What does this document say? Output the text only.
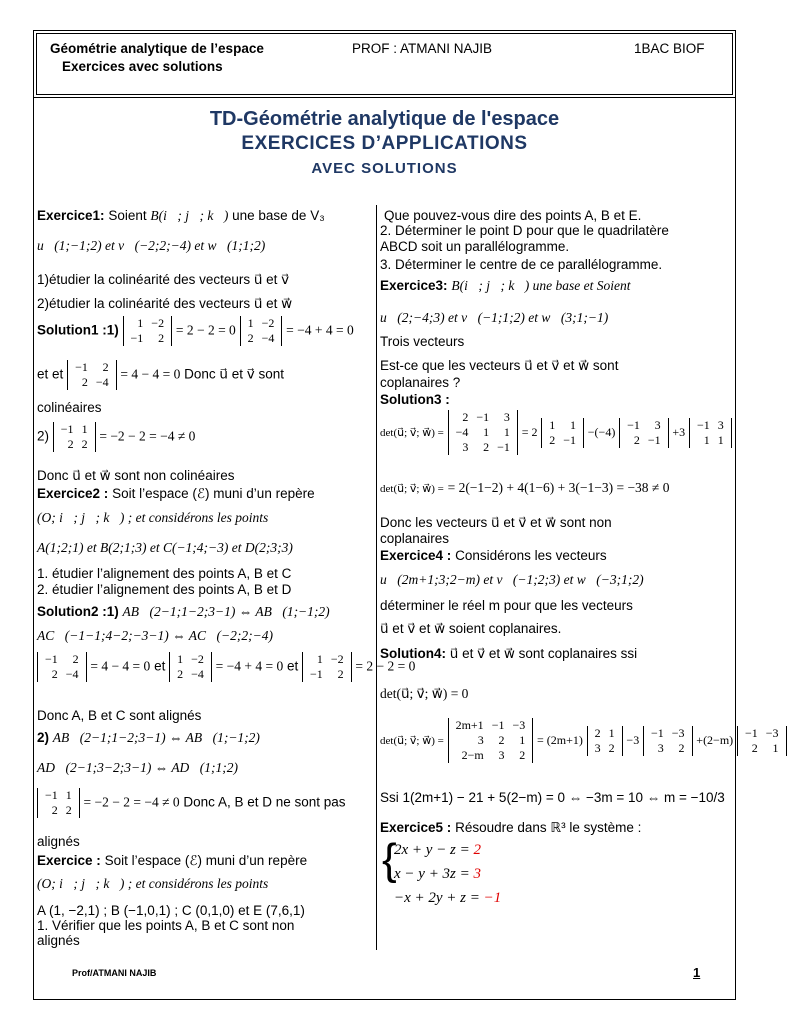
Géométrie analytique de l’espace
Exercices avec solutions
PROF : ATMANI NAJIB	1BAC BIOF
TD-Géométrie analytique de l'espace
EXERCICES D’APPLICATIONS
AVEC SOLUTIONS
Exercice1: Soient B(i⃗; j⃗; k⃗) une base de V₃
u⃗(1;−1;2) et v⃗(−2;2;−4) et w⃗(1;1;2)
1)étudier la colinéarité des vecteurs u⃗ et v⃗
2)étudier la colinéarité des vecteurs u⃗ et w⃗
Solution1 :1) 1	−2
−1	2
= 2 − 2 = 0 1	−2
2	−4
= −4 + 4 = 0
et et −1	2
2	−4
= 4 − 4 = 0 Donc u⃗ et v⃗ sont
colinéaires
2) −1	1
2	2
= −2 − 2 = −4 ≠ 0
Donc u⃗ et w⃗ sont non colinéaires
Exercice2 : Soit l’espace (ℰ) muni d’un repère
(O; i⃗; j⃗; k⃗) ; et considérons les points
A(1;2;1) et B(2;1;3) et C(−1;4;−3) et D(2;3;3)
1. étudier l’alignement des points A, B et C
2. étudier l’alignement des points A, B et D
Solution2 :1) AB⃗(2−1;1−2;3−1) ⇔ AB⃗(1;−1;2)
AC⃗(−1−1;4−2;−3−1) ⇔ AC⃗(−2;2;−4)
−1	2
2	−4
= 4 − 4 = 0 et 1	−2
2	−4
= −4 + 4 = 0 et 1	−2
−1	2
= 2 − 2 = 0
Donc A, B et C sont alignés
2) AB⃗(2−1;1−2;3−1) ⇔ AB⃗(1;−1;2)
AD⃗(2−1;3−2;3−1) ⇔ AD⃗(1;1;2)
−1	1
2	2
= −2 − 2 = −4 ≠ 0 Donc A, B et D ne sont pas
alignés
Exercice : Soit l’espace (ℰ) muni d’un repère
(O; i⃗; j⃗; k⃗) ; et considérons les points
A (1, −2,1) ; B (−1,0,1) ; C (0,1,0) et E (7,6,1)
1. Vérifier que les points A, B et C sont non
alignés
Que pouvez-vous dire des points A, B et E.
2. Déterminer le point D pour que le quadrilatère
ABCD soit un parallélogramme.
3. Déterminer le centre de ce parallélogramme.
Exercice3: B(i⃗; j⃗; k⃗) une base et Soient
u⃗(2;−4;3) et v⃗(−1;1;2) et w⃗(3;1;−1)
Trois vecteurs
Est-ce que les vecteurs u⃗ et v⃗ et w⃗ sont
coplanaires ?
Solution3 :
det(u⃗; v⃗; w⃗) =
2	−1	3
−4	1	1
3	2	−1
= 2
1	1
2	−1
−(−4)
−1	3
2	−1
+3
−1	3
1	1
det(u⃗; v⃗; w⃗) = = 2(−1−2) + 4(1−6) + 3(−1−3) = −38 ≠ 0
Donc les vecteurs u⃗ et v⃗ et w⃗ sont non
coplanaires
Exercice4 : Considérons les vecteurs
u⃗(2m+1;3;2−m) et v⃗(−1;2;3) et w⃗(−3;1;2)
déterminer le réel m pour que les vecteurs
u⃗ et v⃗ et w⃗ soient coplanaires.
Solution4: u⃗ et v⃗ et w⃗ sont coplanaires ssi
det(u⃗; v⃗; w⃗) = 0
det(u⃗; v⃗; w⃗) =
2m+1	−1	−3
3	2	1
2−m	3	2
= (2m+1)
2	1
3	2
−3
−1	−3
3	2
+(2−m)
−1	−3
2	1
Ssi 1(2m+1) − 21 + 5(2−m) = 0 ⇔ −3m = 10 ⇔ m = −10/3
Exercice5 : Résoudre dans ℝ³ le système :
{
2x + y − z = 2
x − y + 3z = 3
−x + 2y + z = −1
Prof/ATMANI NAJIB	1
